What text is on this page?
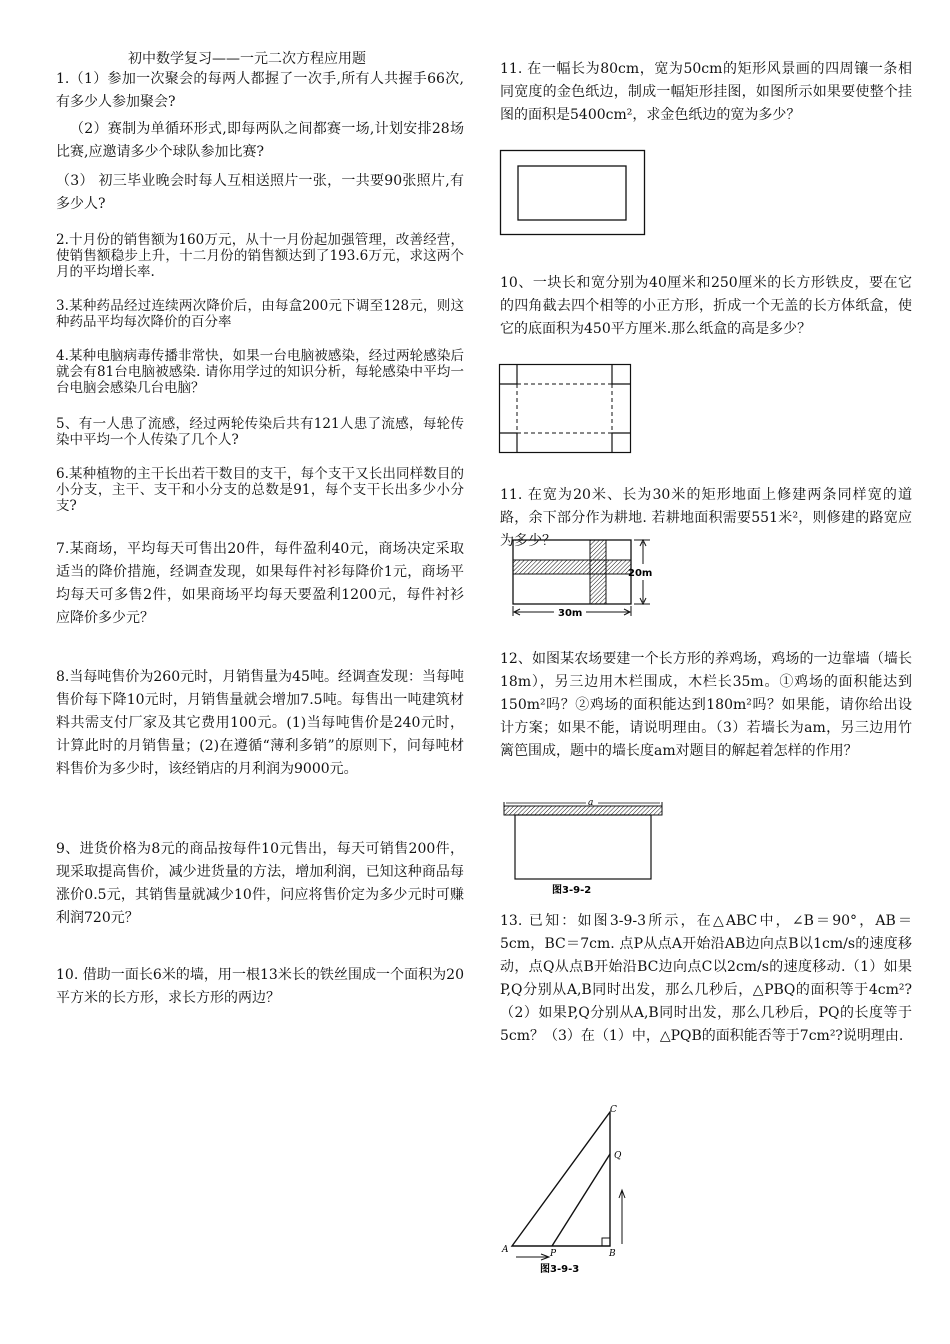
初中数学复习——一元二次方程应用题

1.（1）参加一次聚会的每两人都握了一次手,所有人共握手66次,有多少人参加聚会?

（2）赛制为单循环形式,即每两队之间都赛一场,计划安排28场比赛,应邀请多少个球队参加比赛?

（3） 初三毕业晚会时每人互相送照片一张，一共要90张照片,有多少人?

2.十月份的销售额为160万元，从十一月份起加强管理，改善经营，使销售额稳步上升，十二月份的销售额达到了193.6万元，求这两个月的平均增长率.

3.某种药品经过连续两次降价后，由每盒200元下调至128元，则这种药品平均每次降价的百分率

4.某种电脑病毒传播非常快，如果一台电脑被感染，经过两轮感染后就会有81台电脑被感染. 请你用学过的知识分析，每轮感染中平均一台电脑会感染几台电脑？

5、有一人患了流感，经过两轮传染后共有121人患了流感，每轮传染中平均一个人传染了几个人?

6.某种植物的主干长出若干数目的支干，每个支干又长出同样数目的小分支，主干、支干和小分支的总数是91，每个支干长出多少小分支?

7.某商场，平均每天可售出20件，每件盈利40元，商场决定采取适当的降价措施，经调查发现，如果每件衬衫每降价1元，商场平均每天可多售2件，如果商场平均每天要盈利1200元，每件衬衫应降价多少元？

8.当每吨售价为260元时，月销售量为45吨。经调查发现：当每吨售价每下降10元时，月销售量就会增加7.5吨。每售出一吨建筑材料共需支付厂家及其它费用100元。(1)当每吨售价是240元时，计算此时的月销售量；(2)在遵循“薄利多销”的原则下，问每吨材料售价为多少时，该经销店的月利润为9000元。

9、进货价格为8元的商品按每件10元售出，每天可销售200件，现采取提高售价，减少进货量的方法，增加利润，已知这种商品每涨价0.5元，其销售量就减少10件，问应将售价定为多少元时可赚利润720元？

10. 借助一面长6米的墙，用一根13米长的铁丝围成一个面积为20平方米的长方形，求长方形的两边？

11. 在一幅长为80cm，宽为50cm的矩形风景画的四周镶一条相同宽度的金色纸边，制成一幅矩形挂图，如图所示如果要使整个挂图的面积是5400cm²，求金色纸边的宽为多少？

10、一块长和宽分别为40厘米和250厘米的长方形铁皮，要在它的四角截去四个相等的小正方形，折成一个无盖的长方体纸盒，使它的底面积为450平方厘米.那么纸盒的高是多少？

11. 在宽为20米、长为30米的矩形地面上修建两条同样宽的道路，余下部分作为耕地. 若耕地面积需要551米²，则修建的路宽应为多少？

20m
30m

12、如图某农场要建一个长方形的养鸡场，鸡场的一边靠墙（墙长18m），另三边用木栏围成，木栏长35m。①鸡场的面积能达到150m²吗？②鸡场的面积能达到180m²吗？如果能，请你给出设计方案；如果不能，请说明理由。（3）若墙长为am，另三边用竹篱笆围成，题中的墙长度am对题目的解起着怎样的作用？

a
图3-9-2

13. 已知：如图3-9-3所示，在△ABC中，∠B＝90°，AB＝5cm，BC＝7cm. 点P从点A开始沿AB边向点B以1cm/s的速度移动，点Q从点B开始沿BC边向点C以2cm/s的速度移动.（1）如果P,Q分别从A,B同时出发，那么几秒后，△PBQ的面积等于4cm²?（2）如果P,Q分别从A,B同时出发，那么几秒后，PQ的长度等于5cm？（3）在（1）中，△PQB的面积能否等于7cm²?说明理由.

C
Q
A	P	B
图3-9-3
